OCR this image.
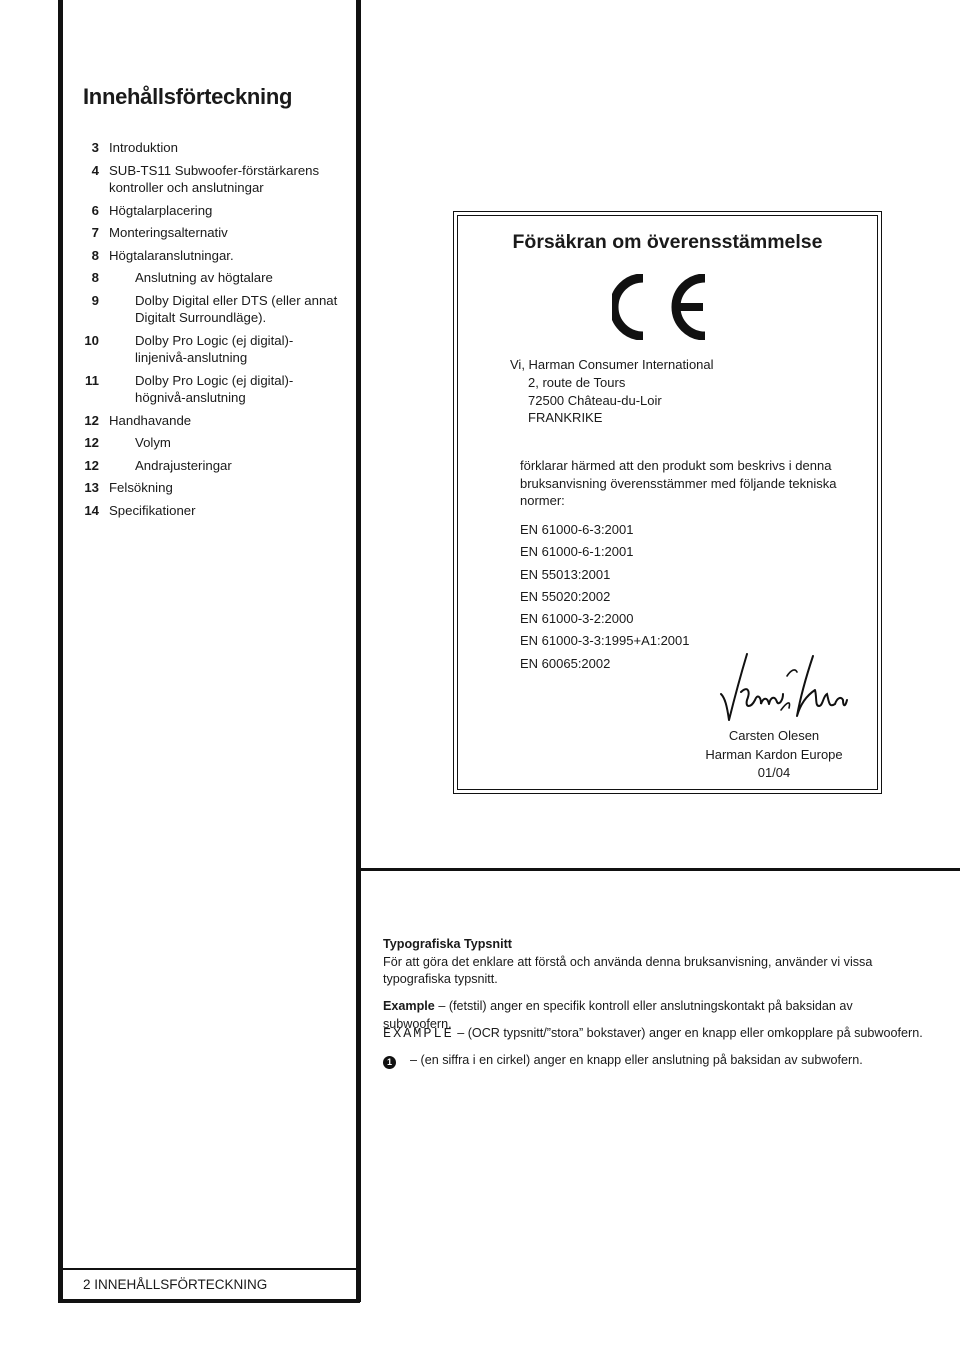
Innehållsförteckning
3 Introduktion
4 SUB-TS11 Subwoofer-förstärkarens
kontroller och anslutningar
6 Högtalarplacering
7 Monteringsalternativ
8 Högtalaranslutningar.
8	Anslutning av högtalare
9	Dolby Digital eller DTS (eller annat
Digitalt Surroundläge).
10	Dolby Pro Logic (ej digital)-
linjenivå-anslutning
11	Dolby Pro Logic (ej digital)-
högnivå-anslutning
12 Handhavande
12	Volym
12	Andrajusteringar
13 Felsökning
14 Specifikationer
Försäkran om överensstämmelse
Vi, Harman Consumer International
2, route de Tours
72500 Château-du-Loir
FRANKRIKE
förklarar härmed att den produkt som beskrivs i denna bruksanvisning överensstämmer med följande tekniska normer:
EN 61000-6-3:2001
EN 61000-6-1:2001
EN 55013:2001
EN 55020:2002
EN 61000-3-2:2000
EN 61000-3-3:1995+A1:2001
EN 60065:2002
Carsten Olesen
Harman Kardon Europe
01/04
Typografiska Typsnitt
För att göra det enklare att förstå och använda denna bruksanvisning, använder vi vissa typografiska typsnitt.
Example – (fetstil) anger en specifik kontroll eller anslutningskontakt på baksidan av subwoofern.
EXAMPLE – (OCR typsnitt/”stora” bokstaver) anger en knapp eller omkopplare på subwoofern.
1 – (en siffra i en cirkel) anger en knapp eller anslutning på baksidan av subwofern.
2 INNEHÅLLSFÖRTECKNING
